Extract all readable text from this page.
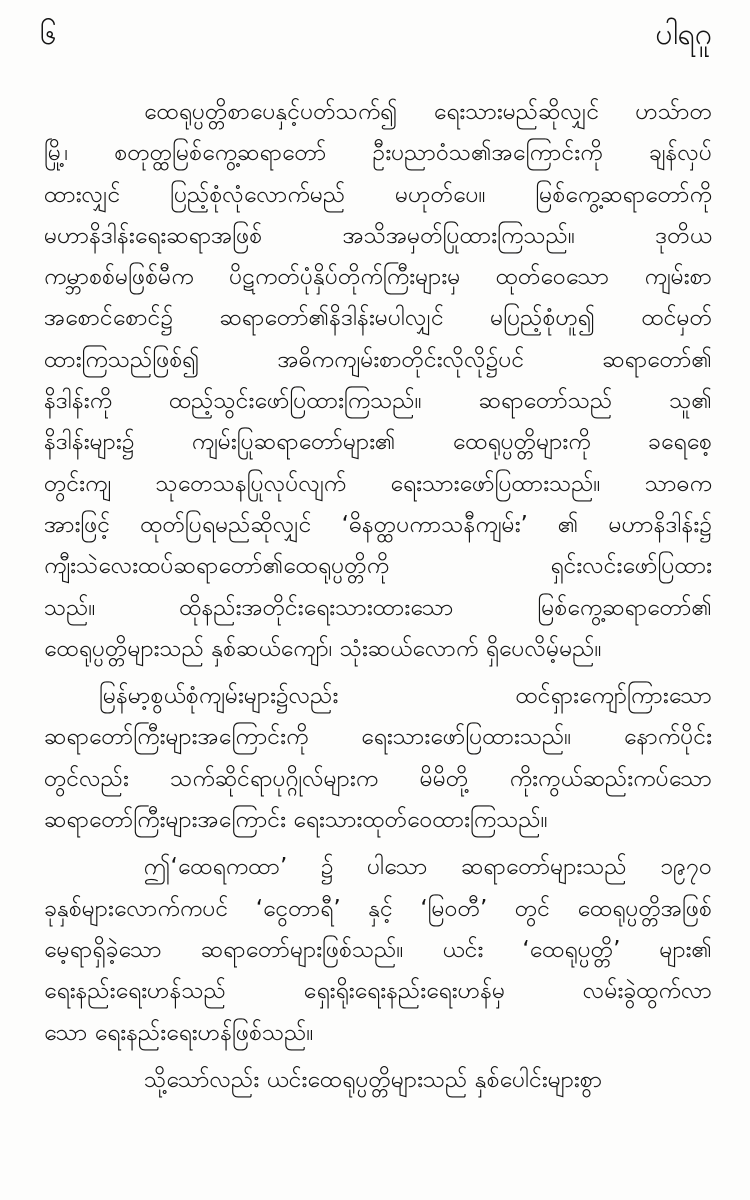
၆	ပါရဂူ
ထေရုပ္ပတ္တိစာပေနှင့်ပတ်သက်၍ ရေးသားမည်ဆိုလျှင် ဟသ်ာတ
မြို့၊ စတုတ္ထမြစ်ကွေ့ဆရာတော် ဦးပညာဝံသ၏အကြောင်းကို ချန်လှပ်
ထားလျှင် ပြည့်စုံလုံလောက်မည် မဟုတ်ပေ။ မြစ်ကွေ့ဆရာတော်ကို
မဟာနိဒါန်းရေးဆရာအဖြစ် အသိအမှတ်ပြုထားကြသည်။ ဒုတိယ
ကမ္ဘာစစ်မဖြစ်မီက ပိဋကတ်ပုံနှိပ်တိုက်ကြီးများမှ ထုတ်ဝေသော ကျမ်းစာ
အစောင်စောင်၌ ဆရာတော်၏နိဒါန်းမပါလျှင် မပြည့်စုံဟူ၍ ထင်မှတ်
ထားကြသည်ဖြစ်၍ အဓိကကျမ်းစာတိုင်းလိုလို၌ပင် ဆရာတော်၏
နိဒါန်းကို ထည့်သွင်းဖော်ပြထားကြသည်။ ဆရာတော်သည် သူ၏
နိဒါန်းများ၌ ကျမ်းပြုဆရာတော်များ၏ ထေရုပ္ပတ္တိများကို ခရေစေ့
တွင်းကျ သုတေသနပြုလုပ်လျက် ရေးသားဖော်ပြထားသည်။ သာဓက
အားဖြင့် ထုတ်ပြရမည်ဆိုလျှင် ‘ဓိနတ္ထပကာသနီကျမ်း’ ၏ မဟာနိဒါန်း၌
ကျီးသဲလေးထပ်ဆရာတော်၏ထေရုပ္ပတ္တိကို ရှင်းလင်းဖော်ပြထား
သည်။ ထိုနည်းအတိုင်းရေးသားထားသော မြစ်ကွေ့ဆရာတော်၏
ထေရုပ္ပတ္တိများသည် နှစ်ဆယ်ကျော်၊ သုံးဆယ်လောက် ရှိပေလိမ့်မည်။
မြန်မာ့စွယ်စုံကျမ်းများ၌လည်း ထင်ရှားကျော်ကြားသော
ဆရာတော်ကြီးများအကြောင်းကို ရေးသားဖော်ပြထားသည်။ နောက်ပိုင်း
တွင်လည်း သက်ဆိုင်ရာပုဂ္ဂိုလ်များက မိမိတို့ ကိုးကွယ်ဆည်းကပ်သော
ဆရာတော်ကြီးများအကြောင်း ရေးသားထုတ်ဝေထားကြသည်။
ဤ‘ထေရကထာ’ ၌ ပါသော ဆရာတော်များသည် ၁၉၇၀
ခုနှစ်များလောက်ကပင် ‘ငွေတာရီ’ နှင့် ‘မြဝတီ’ တွင် ထေရုပ္ပတ္တိအဖြစ်
မေ့ရာရှိခဲ့သော ဆရာတော်များဖြစ်သည်။ ယင်း ‘ထေရုပ္ပတ္တိ’ များ၏
ရေးနည်းရေးဟန်သည် ရှေးရိုးရေးနည်းရေးဟန်မှ လမ်းခွဲထွက်လာ
သော ရေးနည်းရေးဟန်ဖြစ်သည်။
သို့သော်လည်း ယင်းထေရုပ္ပတ္တိများသည် နှစ်ပေါင်းများစွာ
